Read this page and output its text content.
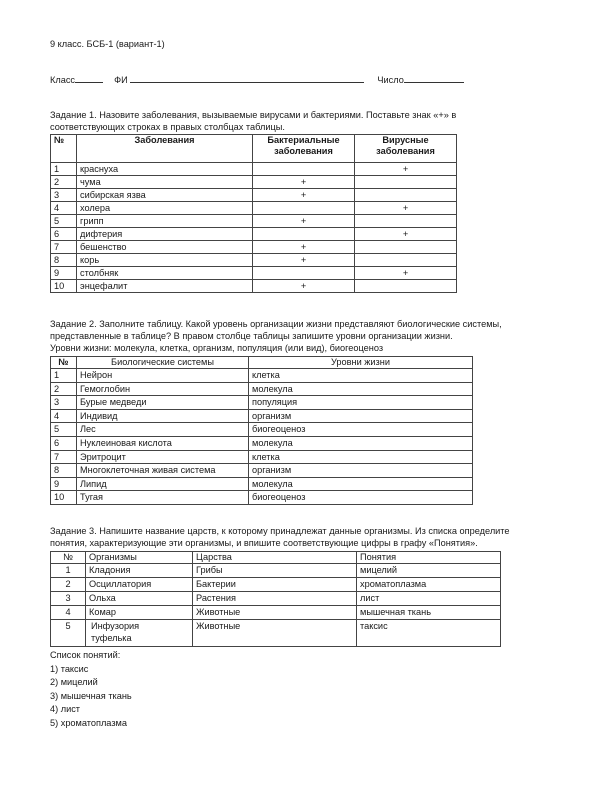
9 класс. БСБ-1 (вариант-1)
Класс	ФИ	Число
Задание 1. Назовите заболевания, вызываемые вирусами и бактериями. Поставьте знак «+» в
соответствующих строках в правых столбцах таблицы.
№	Заболевания	Бактериальные заболевания	Вирусные заболевания
1	краснуха		+
2	чума	+	
3	сибирская язва	+	
4	холера		+
5	грипп	+	
6	дифтерия		+
7	бешенство	+	
8	корь	+	
9	столбняк		+
10	энцефалит	+	
Задание 2. Заполните таблицу. Какой уровень организации жизни представляют биологические системы,
представленные в таблице? В правом столбце таблицы запишите уровни организации жизни.
Уровни жизни: молекула, клетка, организм, популяция (или вид), биогеоценоз
№	Биологические системы	Уровни жизни
1	Нейрон	клетка
2	Гемоглобин	молекула
3	Бурые медведи	популяция
4	Индивид	организм
5	Лес	биогеоценоз
6	Нуклеиновая кислота	молекула
7	Эритроцит	клетка
8	Многоклеточная живая система	организм
9	Липид	молекула
10	Тугая	биогеоценоз
Задание 3. Напишите название царств, к которому принадлежат данные организмы. Из списка определите
понятия, характеризующие эти организмы, и впишите соответствующие цифры в графу «Понятия».
№	Организмы	Царства	Понятия
1	Кладония	Грибы	мицелий
2	Осциллатория	Бактерии	хроматоплазма
3	Ольха	Растения	лист
4	Комар	Животные	мышечная ткань
5	Инфузория туфелька	Животные	таксис
Список понятий:
1) таксис
2) мицелий
3) мышечная ткань
4) лист
5) хроматоплазма
